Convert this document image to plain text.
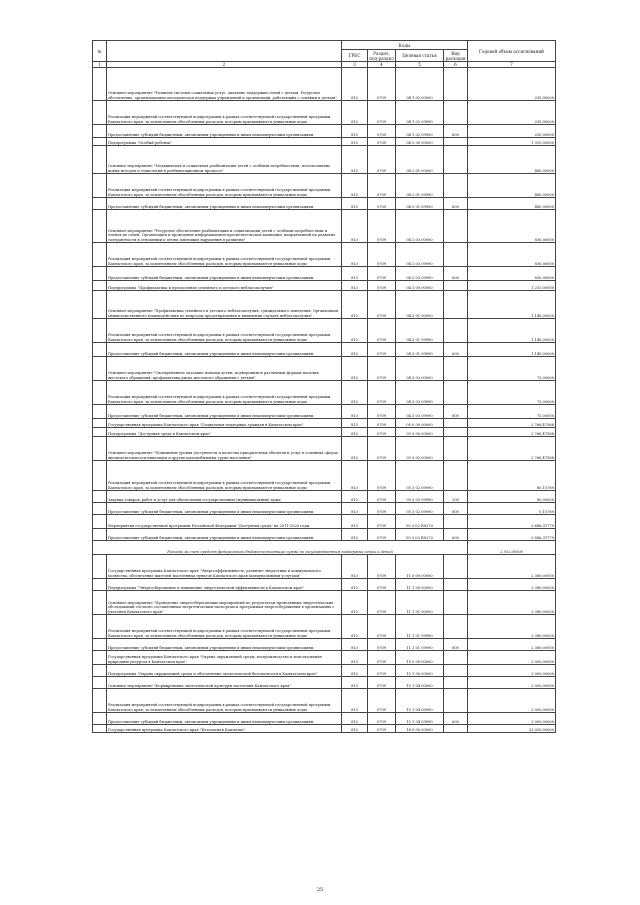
№		Коды				Годовой объем ассигнований
		ГРБС	Раздел, под-раздел	Целевая статья	Вид расходов	
1	2	3	4	5	6	7
	Основное мероприятие "Развитие системы социальных услуг, оказание поддержки семей с детьми. Ресурсное обеспечение, организационно-методическая поддержка учреждений и организаций, работающих с семьями и детьми"	813	0709	04 1 02 00000		235,00000
	Реализация мероприятий соответствующей подпрограммы в рамках соответствующей государственной программы Камчатского края, за исключением обособленных расходов, которым присваиваются уникальные коды	813	0709	04 1 02 09990		235,00000
	Предоставление субсидий бюджетным, автономным учреждениям и иным некоммерческим организациям	813	0709	04 1 02 09990	600	235,00000
	Подпрограмма "Особый ребенок"	813	0709	04 2 00 00000		1 310,00000
	Основное мероприятие "Медицинская и социальная реабилитация детей с особыми потребностями, использование новых методов и технологий в реабилитационном процессе"	813	0709	04 2 01 00000		480,00000
	Реализация мероприятий соответствующей подпрограммы в рамках соответствующей государственной программы Камчатского края, за исключением обособленных расходов, которым присваиваются уникальные коды	813	0709	04 2 01 09990		480,00000
	Предоставление субсидий бюджетным, автономным учреждениям и иным некоммерческим организациям	813	0709	04 2 01 09990	600	480,00000
	Основное мероприятие "Ресурсное обеспечение реабилитации и социализации детей с особыми потребностями и членов их семей. Организация и проведение информационно-просветительской кампании, направленной на развитие толерантности в отношении к детям, имеющим нарушения в развитии"	813	0709	04 2 03 00000		830,00000
	Реализация мероприятий соответствующей подпрограммы в рамках соответствующей государственной программы Камчатского края, за исключением обособленных расходов, которым присваиваются уникальные коды	813	0709	04 2 03 09990		830,00000
	Предоставление субсидий бюджетным, автономным учреждениям и иным некоммерческим организациям	813	0709	04 2 03 09990	600	830,00000
	Подпрограмма "Профилактика и преодоление семейного и детского неблагополучия"	813	0709	04 3 00 00000		1 215,00000
	Основное мероприятие "Профилактика семейного и детского неблагополучия, суицидального поведения. Организация межведомственного взаимодействия по вопросам предотвращения и выявления случаев неблагополучия"	813	0709	04 3 01 00000		1 140,00000
	Реализация мероприятий соответствующей подпрограммы в рамках соответствующей государственной программы Камчатского края, за исключением обособленных расходов, которым присваиваются уникальные коды	813	0709	04 3 01 09990		1 140,00000
	Предоставление субсидий бюджетным, автономным учреждениям и иным некоммерческим организациям	813	0709	04 3 01 09990	600	1 140,00000
	Основное мероприятие "Своевременное оказание помощи детям, подвергшимся различным формам насилия, жестокого обращения, профилактика риска жестокого обращения с детьми"	813	0709	04 3 03 00000		75,00000
	Реализация мероприятий соответствующей подпрограммы в рамках соответствующей государственной программы Камчатского края, за исключением обособленных расходов, которым присваиваются уникальные коды	813	0709	04 3 03 09990		75,00000
	Предоставление субсидий бюджетным, автономным учреждениям и иным некоммерческим организациям	813	0709	04 3 03 09990	600	75,00000
	Государственная программа Камчатского края "Социальная поддержка граждан в Камчатском крае"	813	0709	05 0 00 00000		2 766,47568
	Подпрограмма "Доступная среда в Камчатском крае"	813	0709	05 3 00 00000		2 766,47568
	Основное мероприятие "Повышение уровня доступности и качества приоритетных объектов и услуг в основных сферах жизнедеятельности инвалидов и других маломобильных групп населения"	813	0709	05 3 02 00000		2 766,47568
	Реализация мероприятий соответствующей подпрограммы в рамках соответствующей государственной программы Камчатского края, за исключением обособленных расходов, которым присваиваются уникальные коды	813	0709	05 3 02 09990		80,15789
	Закупка товаров, работ и услуг для обеспечения государственных (муниципальных) нужд	813	0709	05 3 02 09990	200	80,00000
	Предоставление субсидий бюджетным, автономным учреждениям и иным некоммерческим организациям	813	0709	05 3 02 09990	600	0,15789
	Мероприятия государственной программы Российской Федерации "Доступная среда" на 2011-2020 годы	813	0709	05 3 02 R0270		2 686,31779
	Предоставление субсидий бюджетным, автономным учреждениям и иным некоммерческим организациям	813	0709	05 3 02 R0270	600	2 686,31779
Расходы за счет средств федерального бюджета входящие сумма по государственным поддержки семьи и детей						2 552,00000
	Государственная программа Камчатского края "Энергоэффективность, развитие энергетики и коммунального хозяйства, обеспечение жителей населенных пунктов Камчатского края коммунальными услугами"	813	0709	11 0 00 00000		2 380,00000
	Подпрограмма "Энергосбережение и повышение энергетической эффективности в Камчатском крае"	813	0709	11 1 00 00000		2 380,00000
	Основное мероприятие "Проведение энергосберегающих мероприятий по результатам проведенных энергетических обследований согласно составленным энергетическим паспортам и программам энергосбережения в организациях с участием Камчатского края"	813	0709	11 1 01 00000		2 380,00000
	Реализация мероприятий соответствующей подпрограммы в рамках соответствующей государственной программы Камчатского края, за исключением обособленных расходов, которым присваиваются уникальные коды	813	0709	11 1 01 09990		2 380,00000
	Предоставление субсидий бюджетным, автономным учреждениям и иным некоммерческим организациям	813	0709	11 1 01 09990	600	2 380,00000
	Государственная программа Камчатского края "Охрана окружающей среды, воспроизводство и использование природных ресурсов в Камчатском крае"	813	0709	15 0 00 00000		2 000,00000
	Подпрограмма "Охрана окружающей среды и обеспечение экологической безопасности в Камчатском крае"	813	0709	15 1 00 00000		2 000,00000
	Основное мероприятие "Формирование экологической культуры населения Камчатского края"	813	0709	15 1 04 00000		2 000,00000
	Реализация мероприятий соответствующей подпрограммы в рамках соответствующей государственной программы Камчатского края, за исключением обособленных расходов, которым присваиваются уникальные коды	813	0709	15 1 04 09990		2 000,00000
	Предоставление субсидий бюджетным, автономным учреждениям и иным некоммерческим организациям	813	0709	15 1 04 09990	600	2 000,00000
	Государственная программа Камчатского края "Безопасная Камчатка"	813	0709	16 0 00 00000		23 050,00000
25
